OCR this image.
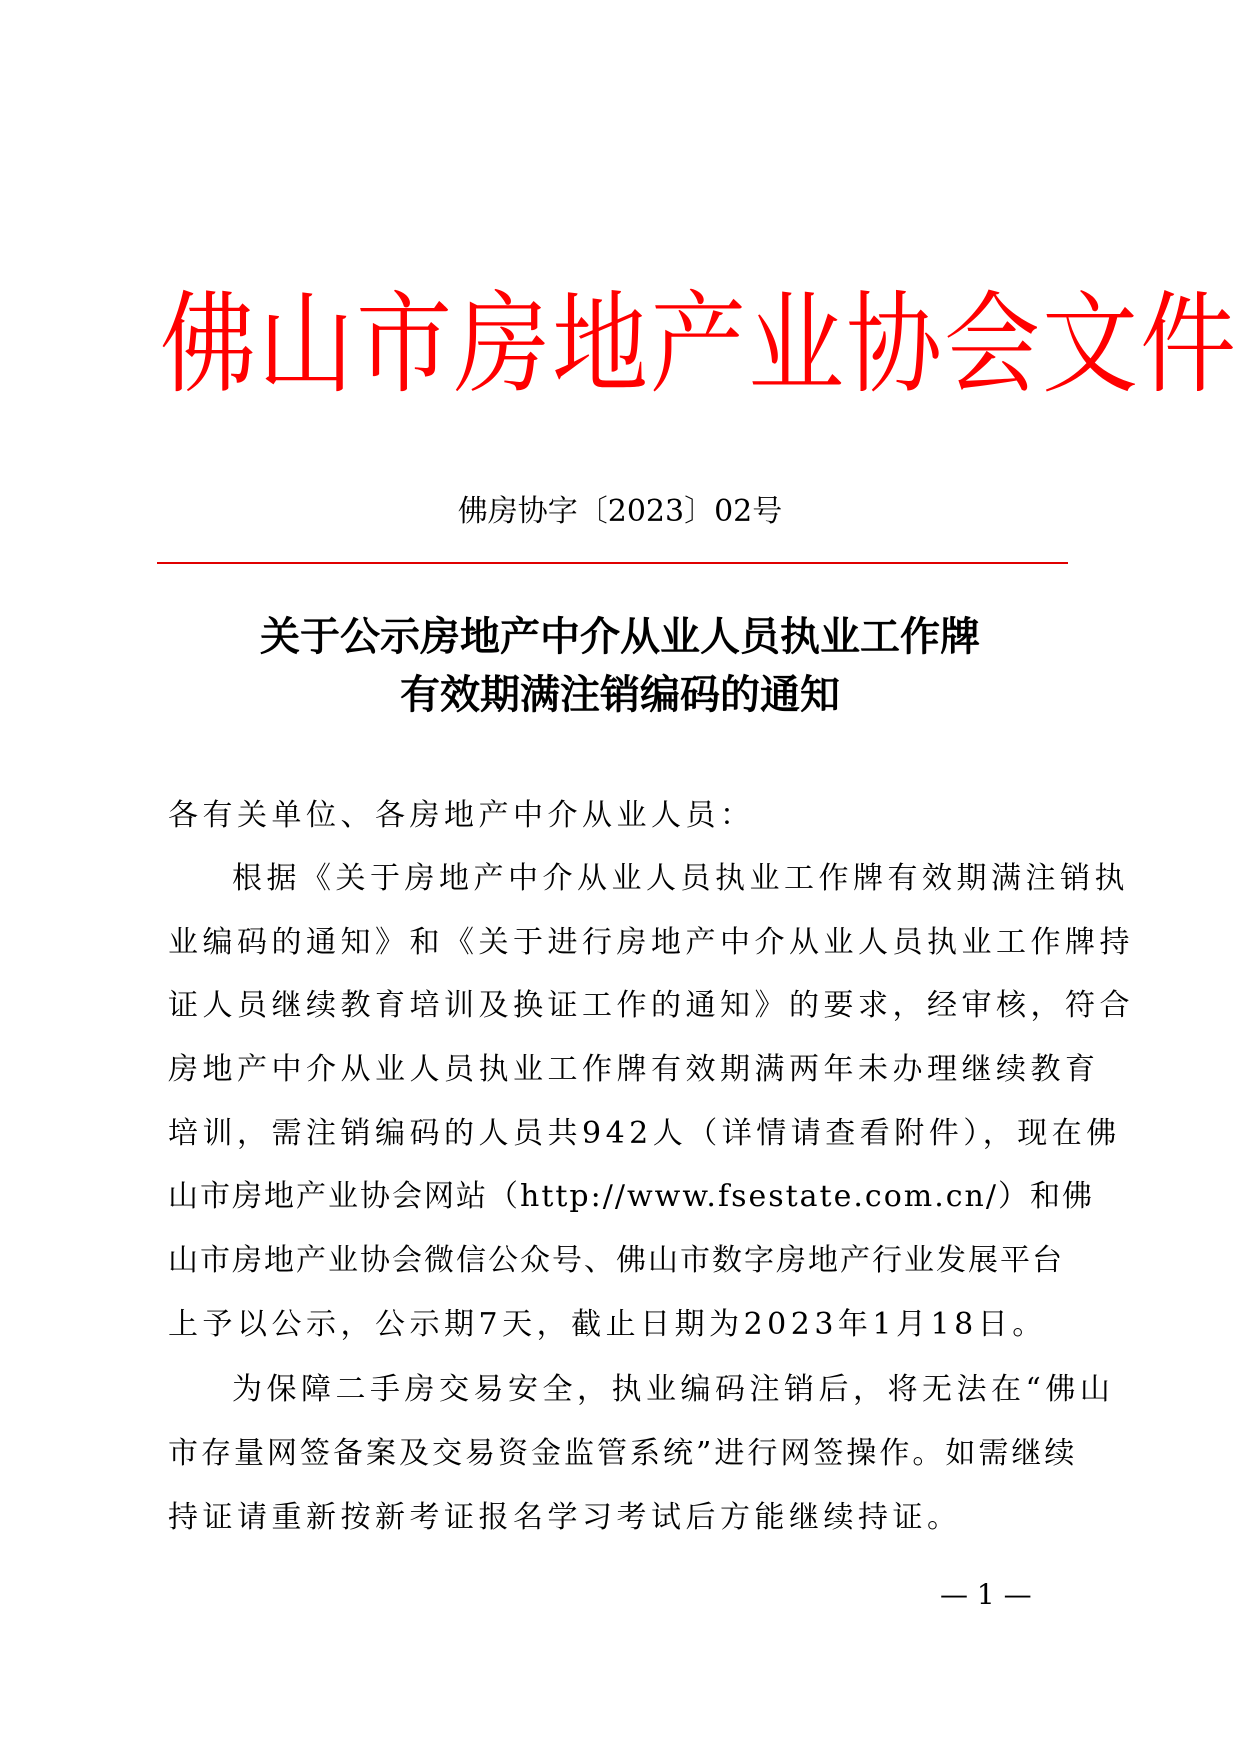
佛山市房地产业协会文件
佛房协字〔2023〕02号
关于公示房地产中介从业人员执业工作牌
有效期满注销编码的通知
各有关单位、各房地产中介从业人员：
根据《关于房地产中介从业人员执业工作牌有效期满注销执
业编码的通知》和《关于进行房地产中介从业人员执业工作牌持
证人员继续教育培训及换证工作的通知》的要求，经审核，符合
房地产中介从业人员执业工作牌有效期满两年未办理继续教育
培训，需注销编码的人员共942人（详情请查看附件），现在佛
山市房地产业协会网站（http://www.fsestate.com.cn/）和佛
山市房地产业协会微信公众号、佛山市数字房地产行业发展平台
上予以公示，公示期7天，截止日期为2023年1月18日。
为保障二手房交易安全，执业编码注销后，将无法在“佛山
市存量网签备案及交易资金监管系统”进行网签操作。如需继续
持证请重新按新考证报名学习考试后方能继续持证。
— 1 —
